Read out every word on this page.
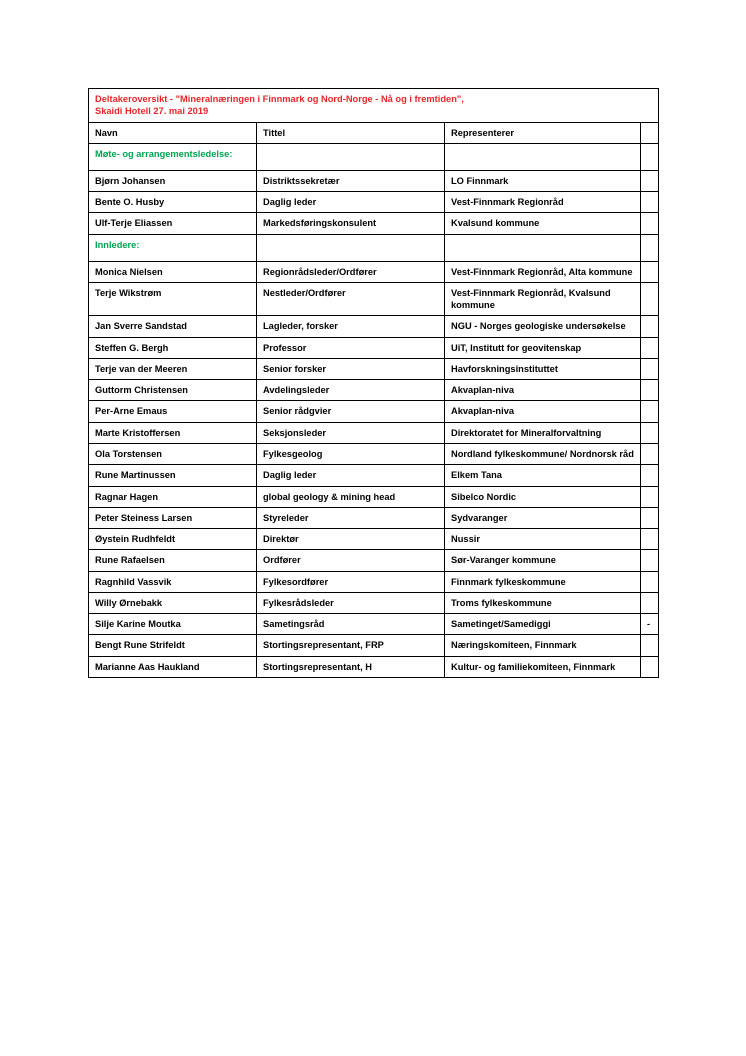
Deltakeroversikt - "Mineralnæringen i Finnmark og Nord-Norge - Nå og i fremtiden",
Skaidi Hotell 27. mai 2019			
Navn	Tittel	Representerer	
Møte- og arrangementsledelse:			
Bjørn Johansen	Distriktssekretær	LO Finnmark	
Bente O. Husby	Daglig leder	Vest-Finnmark Regionråd	
Ulf-Terje Eliassen	Markedsføringskonsulent	Kvalsund kommune	
Innledere:			
Monica Nielsen	Regionrådsleder/Ordfører	Vest-Finnmark Regionråd, Alta kommune	
Terje Wikstrøm	Nestleder/Ordfører	Vest-Finnmark Regionråd, Kvalsund kommune	
Jan Sverre Sandstad	Lagleder, forsker	NGU - Norges geologiske undersøkelse	
Steffen G. Bergh	Professor	UiT, Institutt for geovitenskap	
Terje van der Meeren	Senior forsker	Havforskningsinstituttet	
Guttorm Christensen	Avdelingsleder	Akvaplan-niva	
Per-Arne Emaus	Senior rådgvier	Akvaplan-niva	
Marte Kristoffersen	Seksjonsleder	Direktoratet for Mineralforvaltning	
Ola Torstensen	Fylkesgeolog	Nordland fylkeskommune/ Nordnorsk råd	
Rune Martinussen	Daglig leder	Elkem Tana	
Ragnar Hagen	global geology & mining head	Sibelco Nordic	
Peter Steiness Larsen	Styreleder	Sydvaranger	
Øystein Rudhfeldt	Direktør	Nussir	
Rune Rafaelsen	Ordfører	Sør-Varanger kommune	
Ragnhild Vassvik	Fylkesordfører	Finnmark fylkeskommune	
Willy Ørnebakk	Fylkesrådsleder	Troms fylkeskommune	
Silje Karine Moutka	Sametingsråd	Sametinget/Samediggi	-
Bengt Rune Strifeldt	Stortingsrepresentant, FRP	Næringskomiteen, Finnmark	
Marianne Aas Haukland	Stortingsrepresentant, H	Kultur- og familiekomiteen, Finnmark	
